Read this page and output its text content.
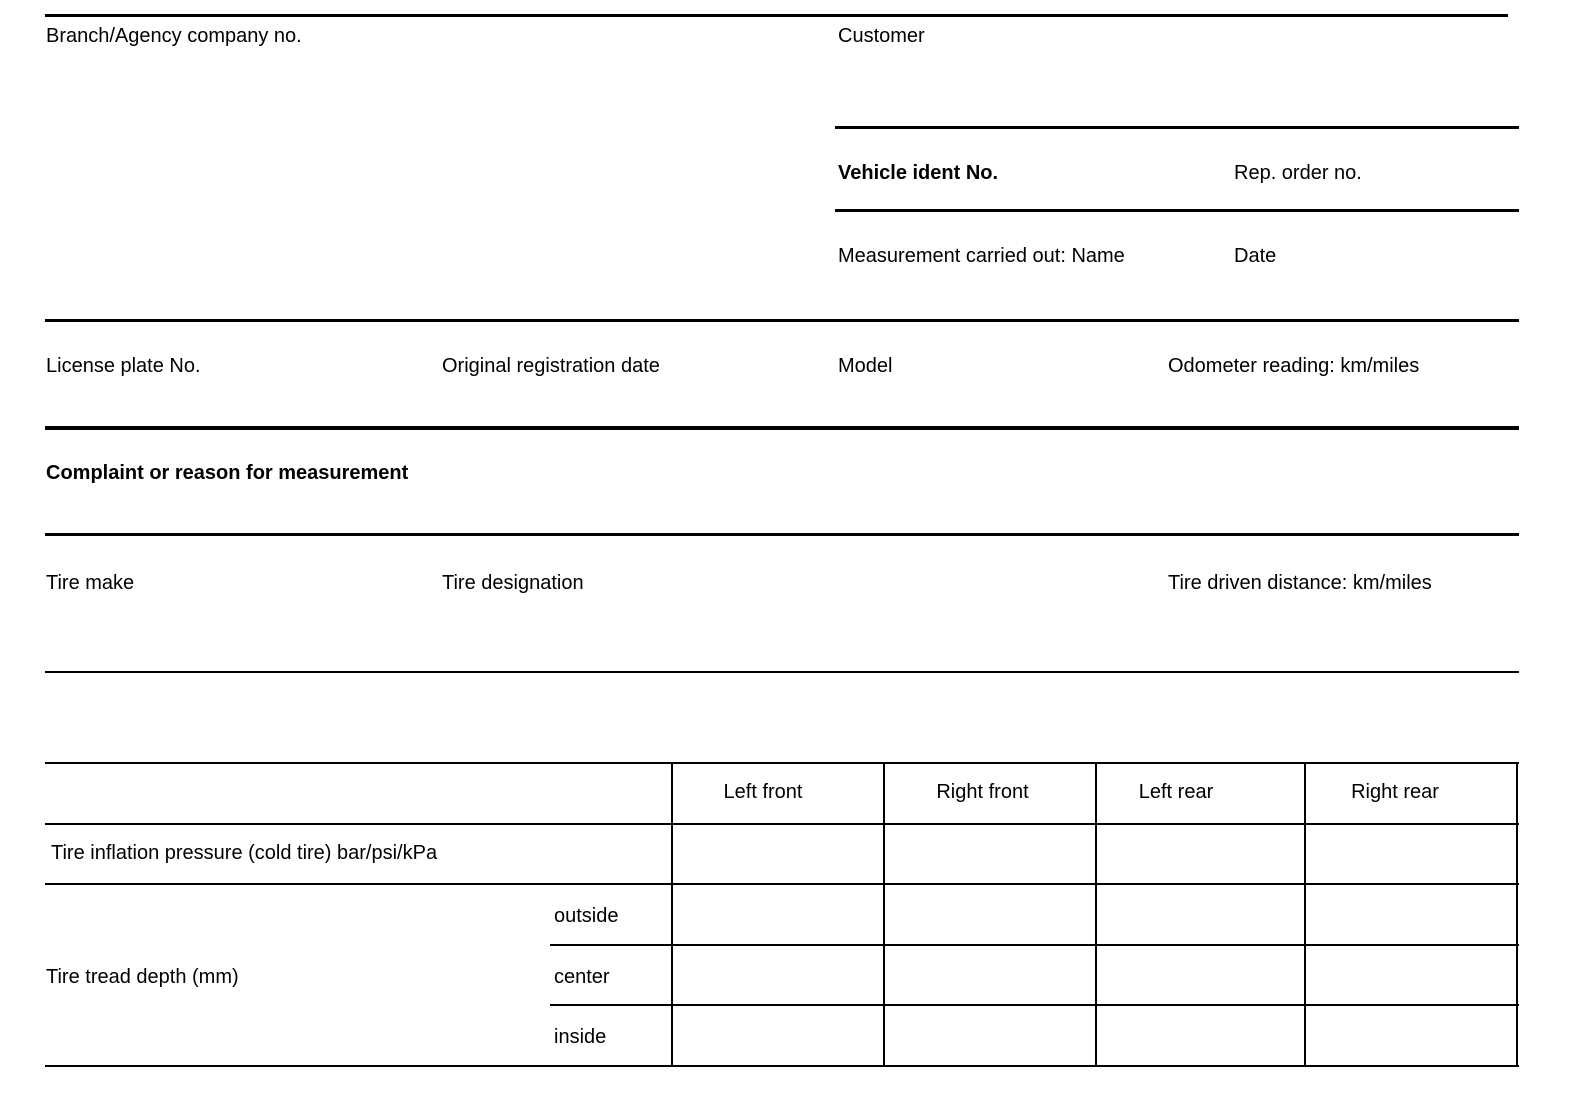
Branch/Agency company no.	Customer
Vehicle ident No.	Rep. order no.
Measurement carried out: Name	Date
License plate No.	Original registration date	Model	Odometer reading: km/miles
Complaint or reason for measurement
Tire make	Tire designation	Tire driven distance: km/miles
Left front	Right front	Left rear	Right rear
Tire inflation pressure (cold tire) bar/psi/kPa
Tire tread depth (mm)
outside
center
inside
